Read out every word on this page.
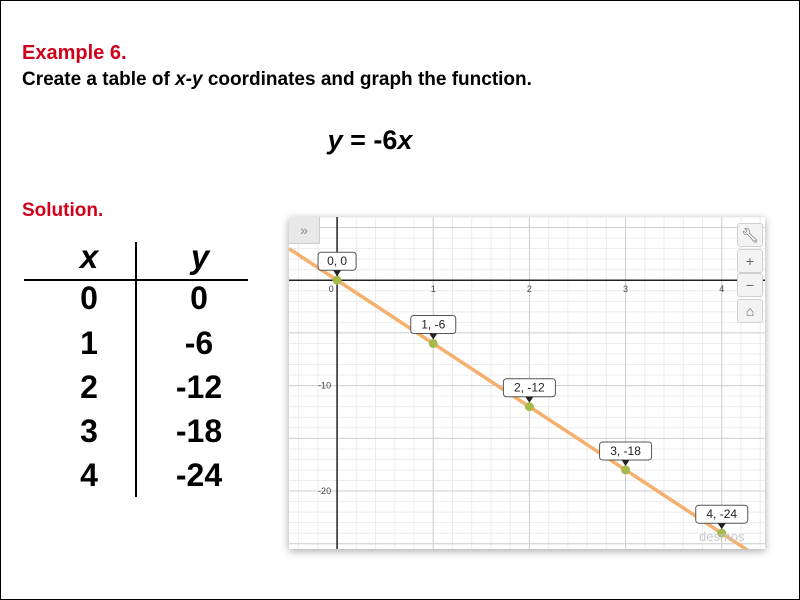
Example 6.
Create a table of x-y coordinates and graph the function.
y = -6x
Solution.
x	y
0	0
1	-6
2	-12
3	-18
4	-24
0	1	2	3	4
-10
-20
0, 0
1, -6
2, -12
3, -18
4, -24
»	🔧︎
+
−
⌂
desmos
